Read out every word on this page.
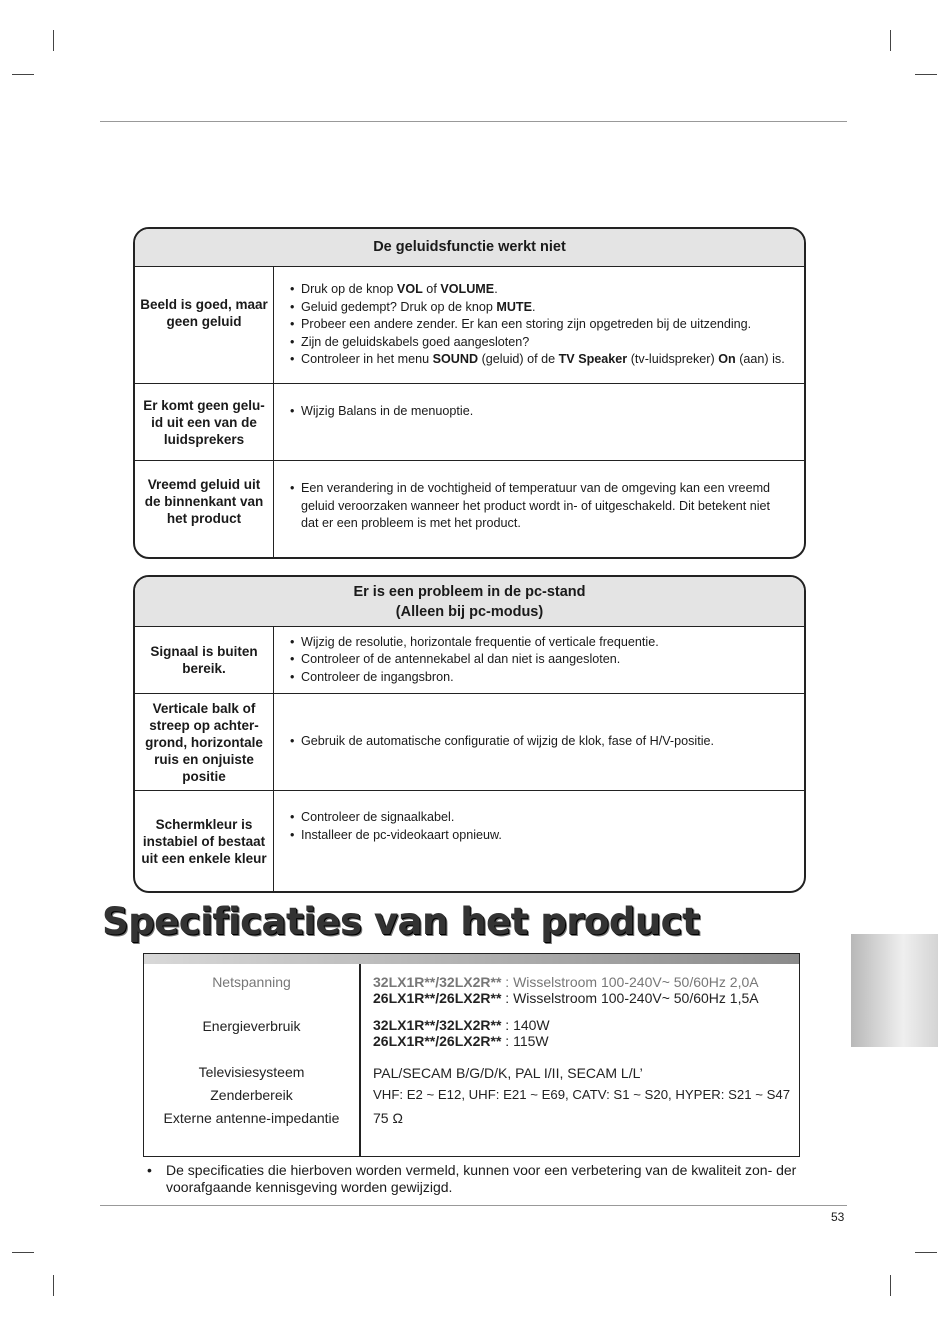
De geluidsfunctie werkt niet
Beeld is goed, maar geen geluid
• Druk op de knop VOL of VOLUME.
• Geluid gedempt? Druk op de knop MUTE.
• Probeer een andere zender. Er kan een storing zijn opgetreden bij de uitzending.
• Zijn de geluidskabels goed aangesloten?
• Controleer in het menu SOUND (geluid) of de TV Speaker (tv-luidspreker) On (aan) is.
Er komt geen gelu- id uit een van de luidsprekers
• Wijzig Balans in de menuoptie.
Vreemd geluid uit de binnenkant van het product
• Een verandering in de vochtigheid of temperatuur van de omgeving kan een vreemd geluid veroorzaken wanneer het product wordt in- of uitgeschakeld. Dit betekent niet dat er een probleem is met het product.
Er is een probleem in de pc-stand
(Alleen bij pc-modus)
Signaal is buiten bereik.
• Wijzig de resolutie, horizontale frequentie of verticale frequentie.
• Controleer of de antennekabel al dan niet is aangesloten.
• Controleer de ingangsbron.
Verticale balk of streep op achter- grond, horizontale ruis en onjuiste positie
• Gebruik de automatische configuratie of wijzig de klok, fase of H/V-positie.
Schermkleur is instabiel of bestaat uit een enkele kleur
• Controleer de signaalkabel.
• Installeer de pc-videokaart opnieuw.
Specificaties van het product
Netspanning	32LX1R**/32LX2R** : Wisselstroom 100-240V~ 50/60Hz 2,0A
26LX1R**/26LX2R** : Wisselstroom 100-240V~ 50/60Hz 1,5A
Energieverbruik	32LX1R**/32LX2R** : 140W
26LX1R**/26LX2R** : 115W
Televisiesysteem	PAL/SECAM B/G/D/K, PAL I/II, SECAM L/L’
Zenderbereik	VHF: E2 ~ E12, UHF: E21 ~ E69, CATV: S1 ~ S20, HYPER: S21 ~ S47
Externe antenne-impedantie	75 Ω
• De specificaties die hierboven worden vermeld, kunnen voor een verbetering van de kwaliteit zon- der voorafgaande kennisgeving worden gewijzigd.
53
